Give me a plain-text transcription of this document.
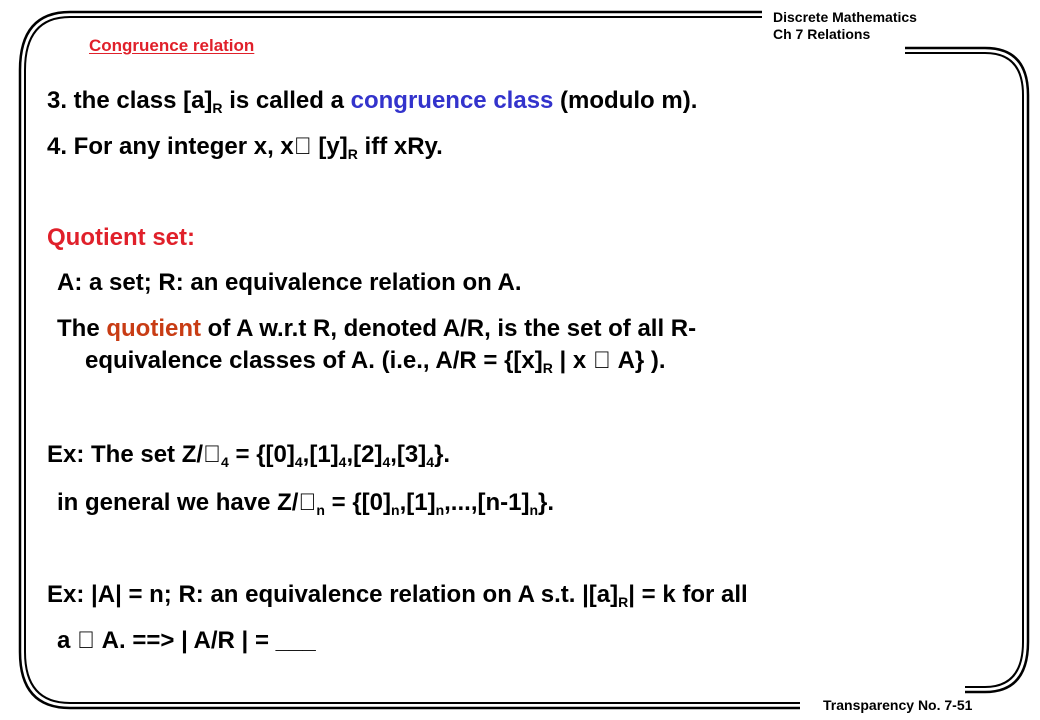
Discrete Mathematics
Ch 7 Relations
Congruence relation
3. the class $[a]_R$ is called a congruence class (modulo m).
4. For any integer x, x $[y]_R$ iff xRy.
Quotient set:
A: a set; R: an equivalence relation on A.
The quotient of A w.r.t R, denoted A/R, is the set of all R-
equivalence classes of A. (i.e., $A/R = \{[x]_R$ | x A} ).
Ex: The set Z/ $_4 = \{[0]_4,[1]_4,[2]_4,[3]_4\}$.
in general we have Z/ $_n = \{[0]_n,[1]_n,...,[n-1]_n\}$.
Ex: |A| = n; R: an equivalence relation on A s.t. $|[a]_R| = k$ for all
a A. ==> | A/R | = ___
Transparency No. 7-51
